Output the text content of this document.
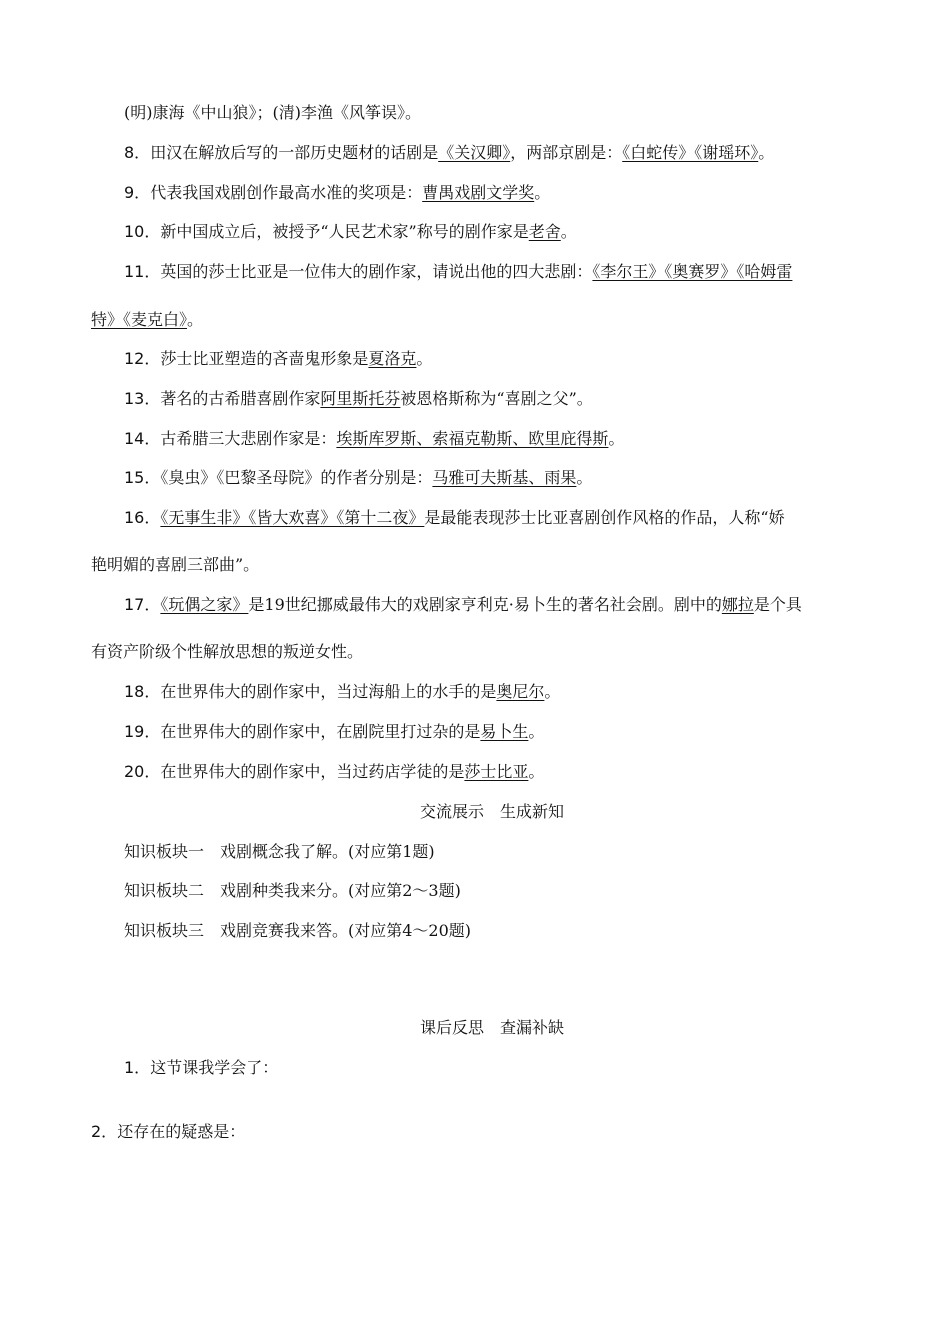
(明)康海《中山狼》；(清)李渔《风筝误》。
8．田汉在解放后写的一部历史题材的话剧是《关汉卿》，两部京剧是：《白蛇传》《谢瑶环》。
9．代表我国戏剧创作最高水准的奖项是：曹禺戏剧文学奖。
10．新中国成立后，被授予“人民艺术家”称号的剧作家是老舍。
11．英国的莎士比亚是一位伟大的剧作家，请说出他的四大悲剧：《李尔王》《奥赛罗》《哈姆雷
特》《麦克白》。
12．莎士比亚塑造的吝啬鬼形象是夏洛克。
13．著名的古希腊喜剧作家阿里斯托芬被恩格斯称为“喜剧之父”。
14．古希腊三大悲剧作家是：埃斯库罗斯、索福克勒斯、欧里庇得斯。
15．《臭虫》《巴黎圣母院》的作者分别是：马雅可夫斯基、雨果。
16．《无事生非》《皆大欢喜》《第十二夜》是最能表现莎士比亚喜剧创作风格的作品，人称“娇
艳明媚的喜剧三部曲”。
17．《玩偶之家》是19世纪挪威最伟大的戏剧家亨利克·易卜生的著名社会剧。剧中的娜拉是个具
有资产阶级个性解放思想的叛逆女性。
18．在世界伟大的剧作家中，当过海船上的水手的是奥尼尔。
19．在世界伟大的剧作家中，在剧院里打过杂的是易卜生。
20．在世界伟大的剧作家中，当过药店学徒的是莎士比亚。
交流展示　生成新知
知识板块一　戏剧概念我了解。(对应第1题)
知识板块二　戏剧种类我来分。(对应第2～3题)
知识板块三　戏剧竞赛我来答。(对应第4～20题)
课后反思　查漏补缺
1．这节课我学会了：
2．还存在的疑惑是：
